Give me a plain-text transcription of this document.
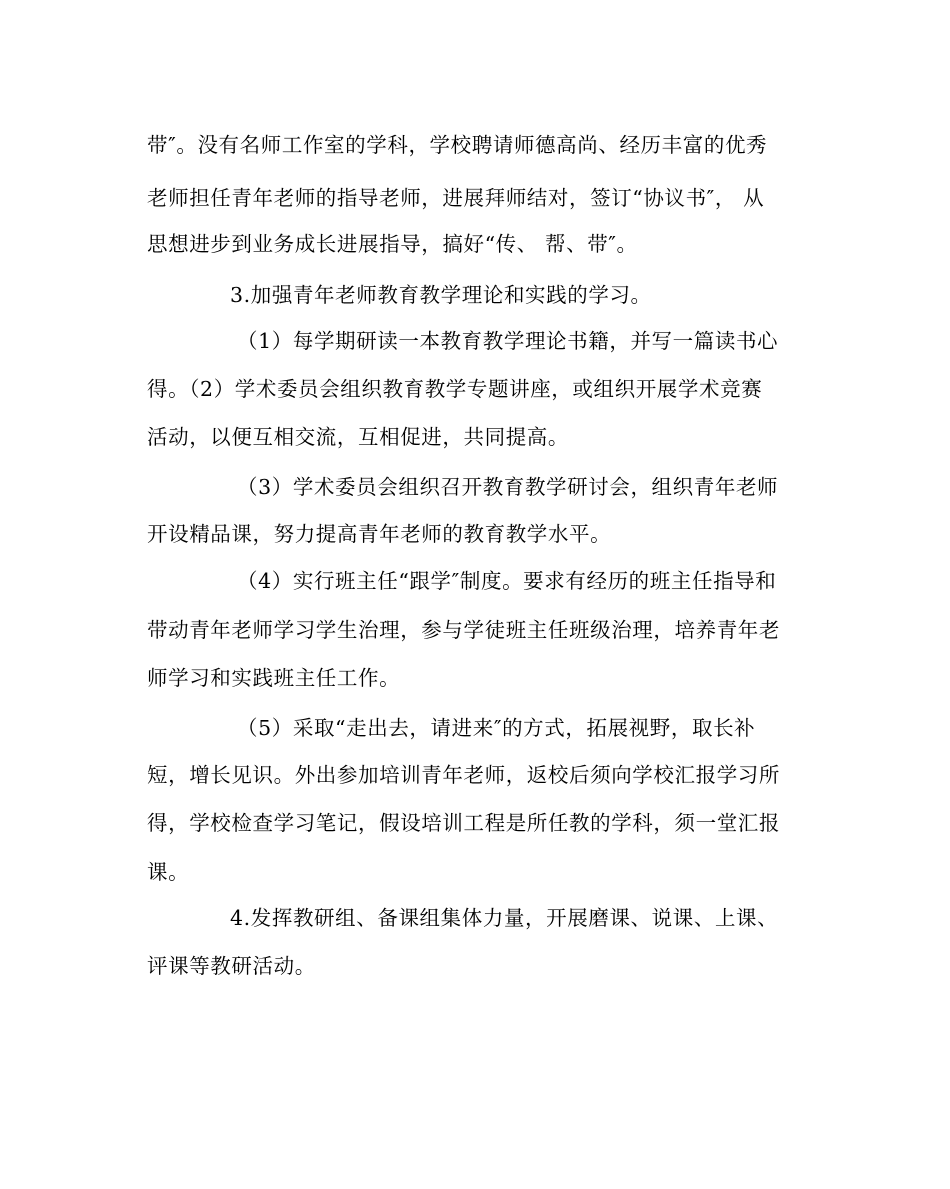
带″。没有名师工作室的学科，学校聘请师德高尚、经历丰富的优秀
老师担任青年老师的指导老师，进展拜师结对，签订“协议书″， 从
思想进步到业务成长进展指导，搞好“传、 帮、带″。
3.加强青年老师教育教学理论和实践的学习。
（1）每学期研读一本教育教学理论书籍，并写一篇读书心
得。（2）学术委员会组织教育教学专题讲座，或组织开展学术竞赛
活动，以便互相交流，互相促进，共同提高。
（3）学术委员会组织召开教育教学研讨会，组织青年老师
开设精品课，努力提高青年老师的教育教学水平。
（4）实行班主任“跟学″制度。要求有经历的班主任指导和
带动青年老师学习学生治理，参与学徒班主任班级治理，培养青年老
师学习和实践班主任工作。
（5）采取“走出去，请进来″的方式，拓展视野，取长补
短，增长见识。外出参加培训青年老师，返校后须向学校汇报学习所
得，学校检查学习笔记，假设培训工程是所任教的学科，须一堂汇报
课。
4.发挥教研组、备课组集体力量，开展磨课、说课、上课、
评课等教研活动。
